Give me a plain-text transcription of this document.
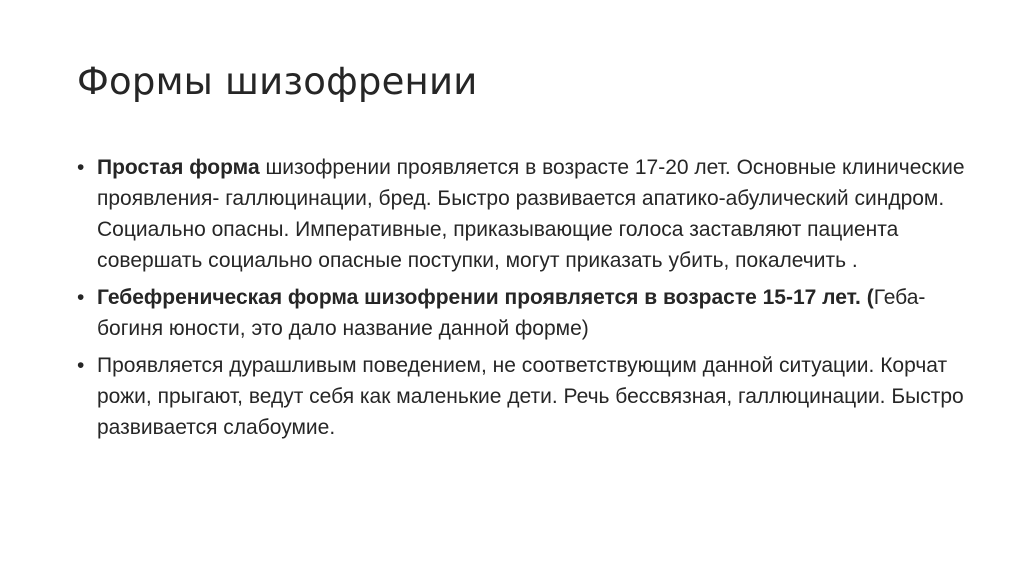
Формы шизофрении
• Простая форма шизофрении проявляется в возрасте 17-20 лет. Основные клинические проявления- галлюцинации, бред. Быстро развивается апатико-абулический синдром. Социально опасны. Императивные, приказывающие голоса заставляют пациента совершать социально опасные поступки, могут приказать убить, покалечить .
• Гебефреническая форма шизофрении проявляется в возрасте 15-17 лет. (Геба-богиня юности, это дало название данной форме)
• Проявляется дурашливым поведением, не соответствующим данной ситуации. Корчат рожи, прыгают, ведут себя как маленькие дети. Речь бессвязная, галлюцинации. Быстро развивается слабоумие.
